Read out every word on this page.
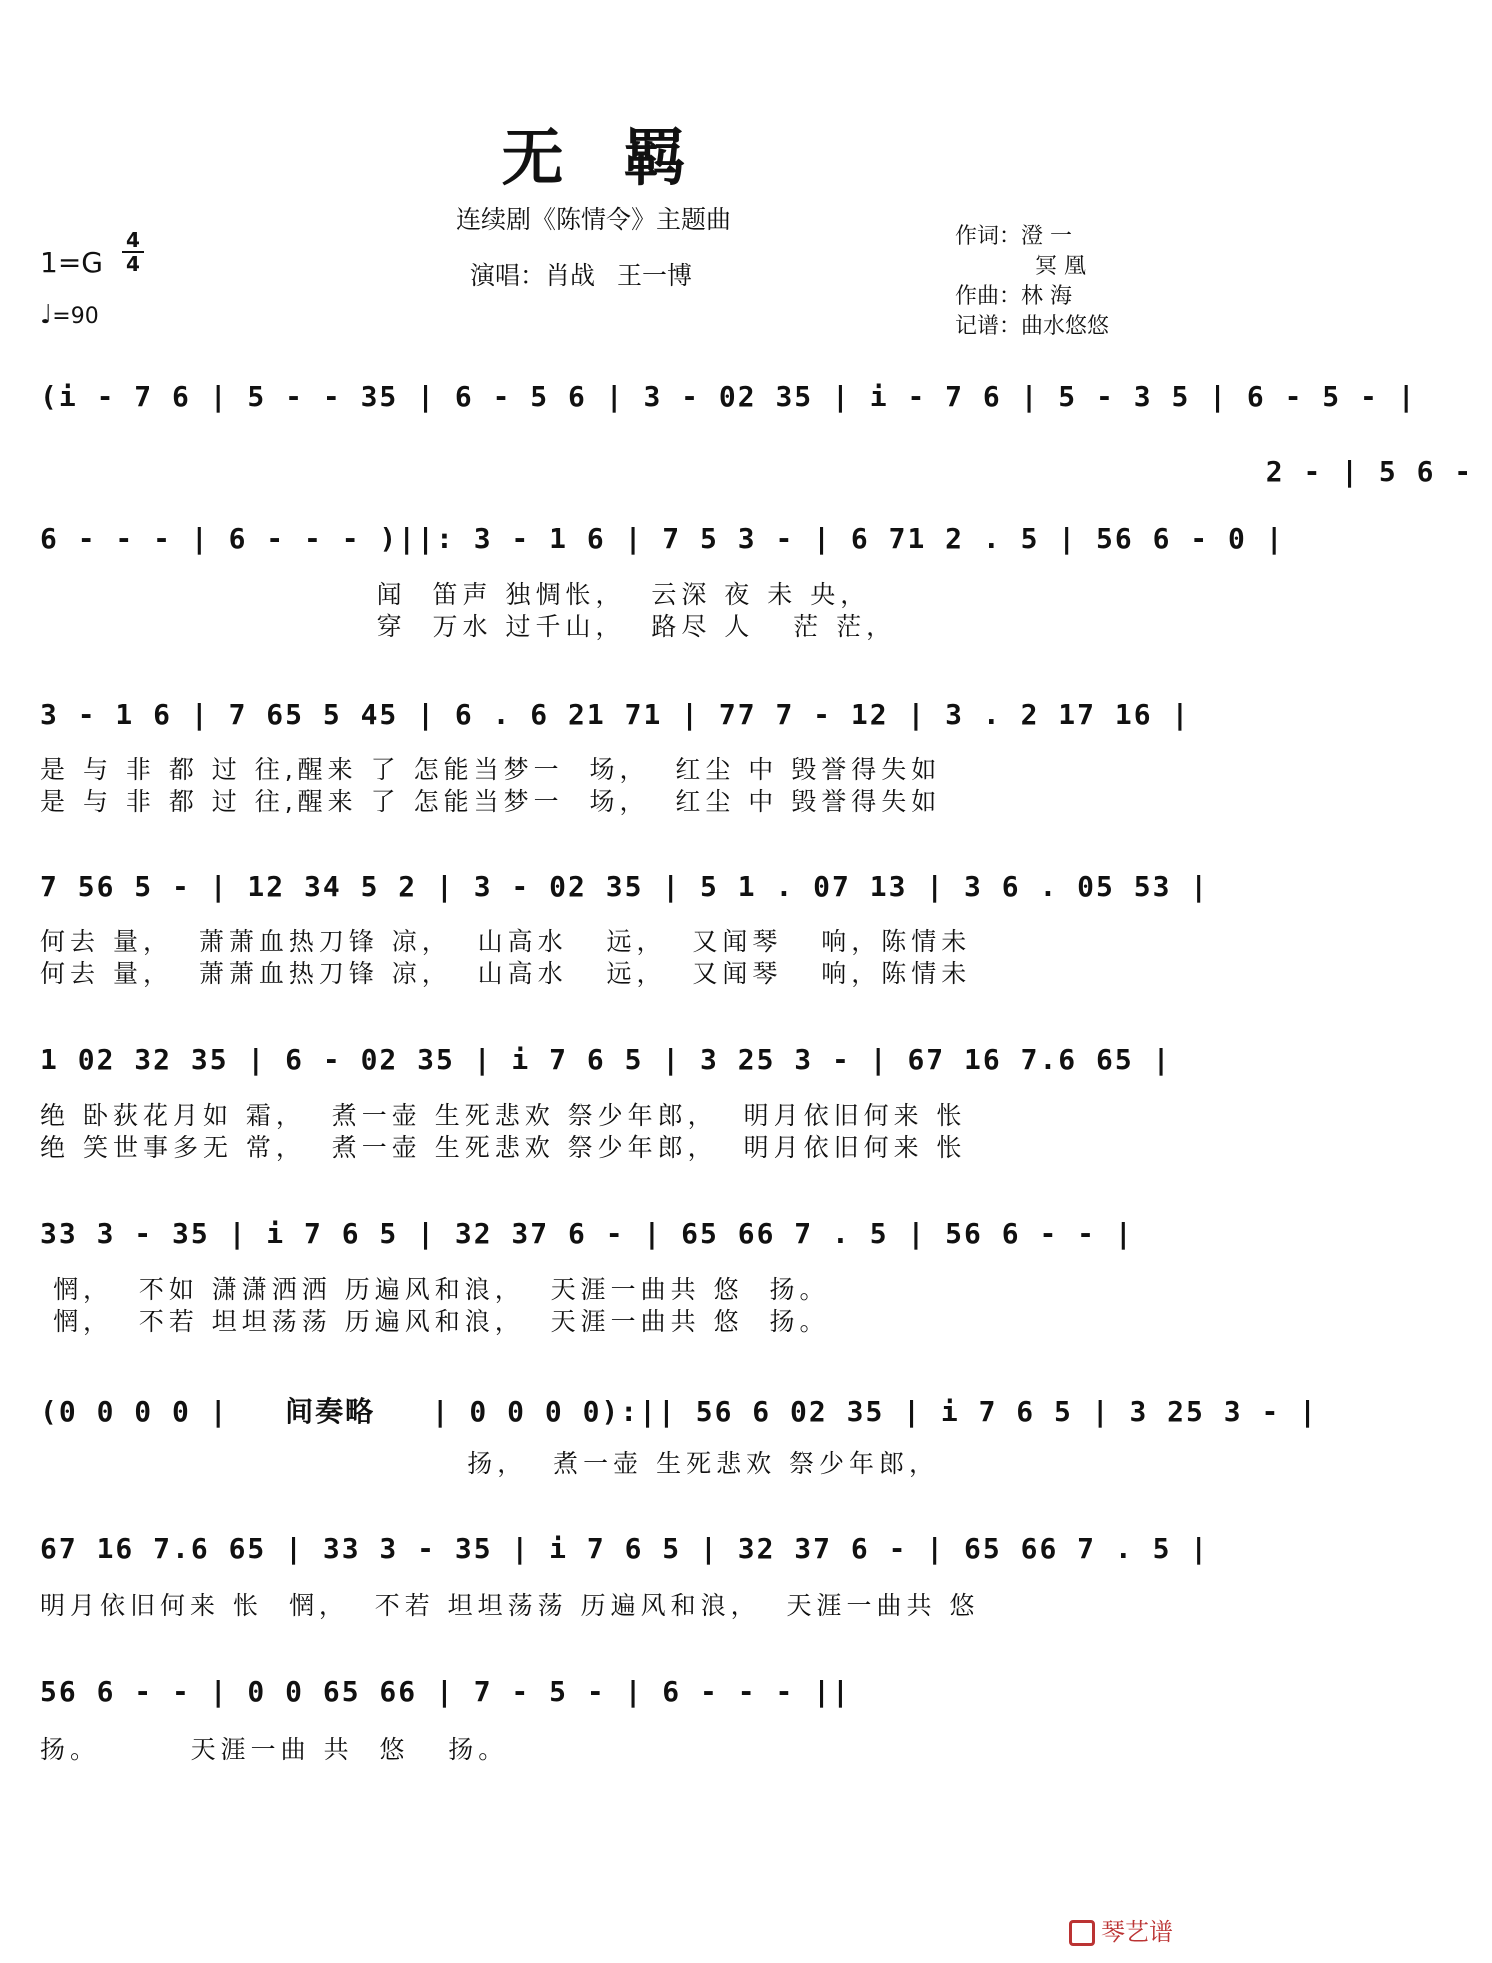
无羁
连续剧《陈情令》主题曲
演唱：肖战 王一博
1=G
4
4
♩=90
作词：澄 一
冥 凰
作曲：林 海
记谱：曲水悠悠
(i - 7 6 | 5 - - 35 | 6 - 5 6 | 3 - 02 35 | i - 7 6 | 5 - 3 5 | 6 - 5 - |
2 - | 5 6 -
6 - - - | 6 - - - )||: 3 - 1 6 | 7 5 3 - | 6 71 2 . 5 | 56 6 - 0 |
闻  笛声 独惆怅，  云深 夜 未 央，
穿  万水 过千山，  路尽 人   茫 茫，
3 - 1 6 | 7 65 5 45 | 6 . 6 21 71 | 77 7 - 12 | 3 . 2 17 16 |
是 与 非 都 过 往,醒来 了 怎能当梦一  场，  红尘 中 毁誉得失如
是 与 非 都 过 往,醒来 了 怎能当梦一  场，  红尘 中 毁誉得失如
7 56 5 - | 12 34 5 2 | 3 - 02 35 | 5 1 . 07 13 | 3 6 . 05 53 |
何去 量，  萧萧血热刀锋 凉，  山高水   远，  又闻琴   响，陈情未
何去 量，  萧萧血热刀锋 凉，  山高水   远，  又闻琴   响，陈情未
1 02 32 35 | 6 - 02 35 | i 7 6 5 | 3 25 3 - | 67 16 7.6 65 |
绝 卧荻花月如 霜，  煮一壶 生死悲欢 祭少年郎，  明月依旧何来 怅
绝 笑世事多无 常，  煮一壶 生死悲欢 祭少年郎，  明月依旧何来 怅
33 3 - 35 | i 7 6 5 | 32 37 6 - | 65 66 7 . 5 | 56 6 - - |
惘，  不如 潇潇洒洒 历遍风和浪，  天涯一曲共 悠  扬。
惘，  不若 坦坦荡荡 历遍风和浪，  天涯一曲共 悠  扬。
(0 0 0 0 |   间奏略   | 0 0 0 0):|| 56 6 02 35 | i 7 6 5 | 3 25 3 - |
扬，  煮一壶 生死悲欢 祭少年郎，
67 16 7.6 65 | 33 3 - 35 | i 7 6 5 | 32 37 6 - | 65 66 7 . 5 |
明月依旧何来 怅  惘，  不若 坦坦荡荡 历遍风和浪，  天涯一曲共 悠
56 6 - - | 0 0 65 66 | 7 - 5 - | 6 - - - ||
扬。       天涯一曲 共  悠   扬。
琴艺谱
